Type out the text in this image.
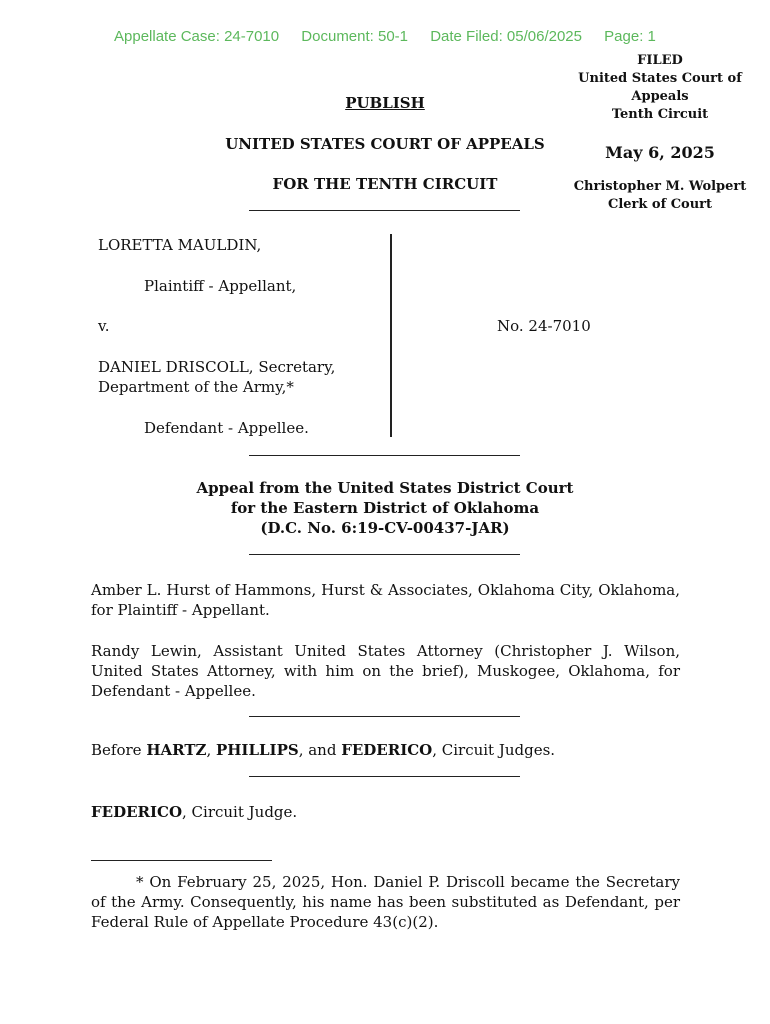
Appellate Case: 24-7010 Document: 50-1 Date Filed: 05/06/2025 Page: 1
FILED
United States Court of Appeals
Tenth Circuit
May 6, 2025
Christopher M. Wolpert
Clerk of Court
PUBLISH
UNITED STATES COURT OF APPEALS
FOR THE TENTH CIRCUIT
LORETTA MAULDIN,
Plaintiff - Appellant,
v.
DANIEL DRISCOLL, Secretary,
Department of the Army,*
Defendant - Appellee.
No. 24-7010
Appeal from the United States District Court
for the Eastern District of Oklahoma
(D.C. No. 6:19-CV-00437-JAR)
Amber L. Hurst of Hammons, Hurst & Associates, Oklahoma City, Oklahoma, for Plaintiff - Appellant.
Randy Lewin, Assistant United States Attorney (Christopher J. Wilson, United States Attorney, with him on the brief), Muskogee, Oklahoma, for Defendant - Appellee.
Before HARTZ, PHILLIPS, and FEDERICO, Circuit Judges.
FEDERICO, Circuit Judge.
* On February 25, 2025, Hon. Daniel P. Driscoll became the Secretary of the Army. Consequently, his name has been substituted as Defendant, per Federal Rule of Appellate Procedure 43(c)(2).
